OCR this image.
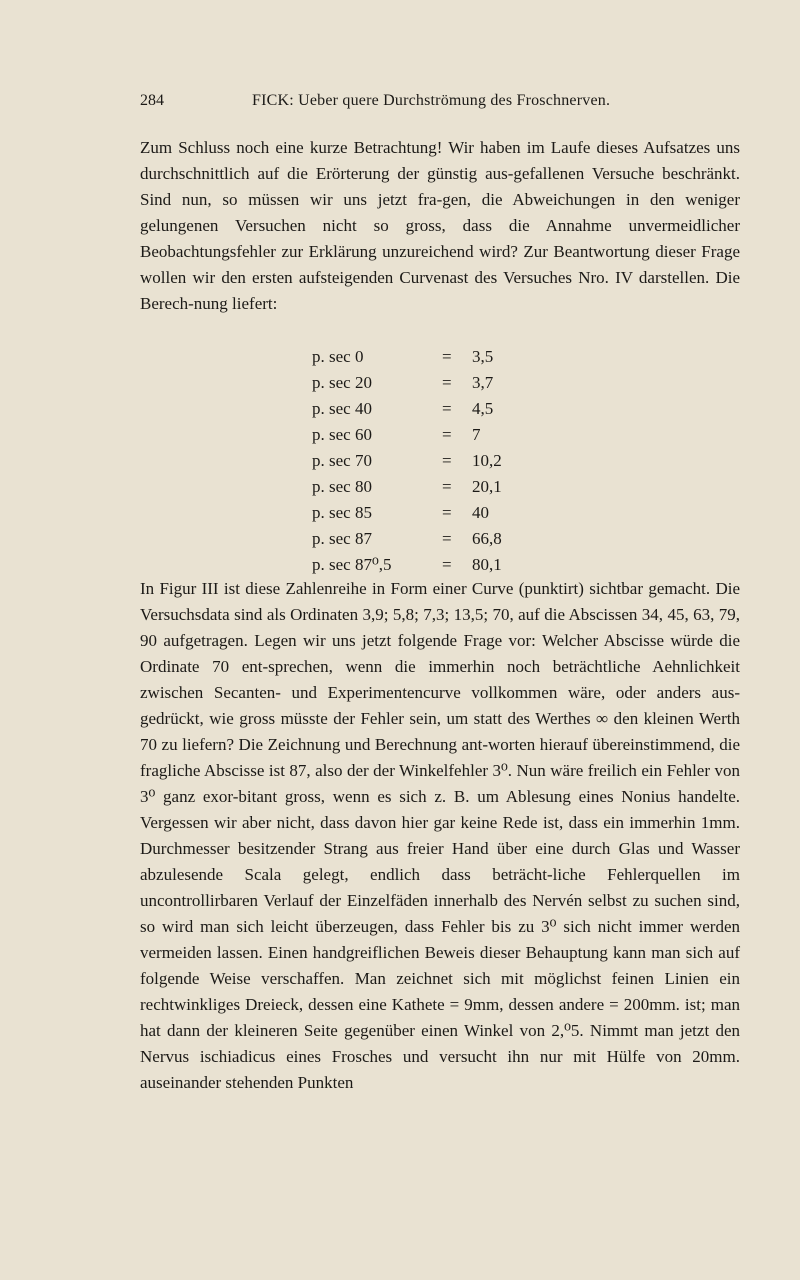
284	FICK: Ueber quere Durchströmung des Froschnerven.

Zum Schluss noch eine kurze Betrachtung! Wir haben im Laufe dieses Aufsatzes uns durchschnittlich auf die Erörterung der günstig aus-gefallenen Versuche beschränkt. Sind nun, so müssen wir uns jetzt fra-gen, die Abweichungen in den weniger gelungenen Versuchen nicht so gross, dass die Annahme unvermeidlicher Beobachtungsfehler zur Erklärung unzureichend wird? Zur Beantwortung dieser Frage wollen wir den ersten aufsteigenden Curvenast des Versuches Nro. IV darstellen. Die Berech-nung liefert:

p. sec 0	= 3,5
p. sec 20	= 3,7
p. sec 40	= 4,5
p. sec 60	= 7
p. sec 70	= 10,2
p. sec 80	= 20,1
p. sec 85	= 40
p. sec 87	= 66,8
p. sec 87⁰,5	= 80,1

In Figur III ist diese Zahlenreihe in Form einer Curve (punktirt) sichtbar gemacht. Die Versuchsdata sind als Ordinaten 3,9; 5,8; 7,3; 13,5; 70, auf die Abscissen 34, 45, 63, 79, 90 aufgetragen. Legen wir uns jetzt folgende Frage vor: Welcher Abscisse würde die Ordinate 70 ent-sprechen, wenn die immerhin noch beträchtliche Aehnlichkeit zwischen Secanten- und Experimentencurve vollkommen wäre, oder anders aus-gedrückt, wie gross müsste der Fehler sein, um statt des Werthes ∞ den kleinen Werth 70 zu liefern? Die Zeichnung und Berechnung ant-worten hierauf übereinstimmend, die fragliche Abscisse ist 87, also der der Winkelfehler 3⁰. Nun wäre freilich ein Fehler von 3⁰ ganz exor-bitant gross, wenn es sich z. B. um Ablesung eines Nonius handelte. Vergessen wir aber nicht, dass davon hier gar keine Rede ist, dass ein immerhin 1mm. Durchmesser besitzender Strang aus freier Hand über eine durch Glas und Wasser abzulesende Scala gelegt, endlich dass beträcht-liche Fehlerquellen im uncontrollirbaren Verlauf der Einzelfäden innerhalb des Nervén selbst zu suchen sind, so wird man sich leicht überzeugen, dass Fehler bis zu 3⁰ sich nicht immer werden vermeiden lassen. Einen handgreiflichen Beweis dieser Behauptung kann man sich auf folgende Weise verschaffen. Man zeichnet sich mit möglichst feinen Linien ein rechtwinkliges Dreieck, dessen eine Kathete = 9mm, dessen andere = 200mm. ist; man hat dann der kleineren Seite gegenüber einen Winkel von 2,⁰5. Nimmt man jetzt den Nervus ischiadicus eines Frosches und versucht ihn nur mit Hülfe von 20mm. auseinander stehenden Punkten
